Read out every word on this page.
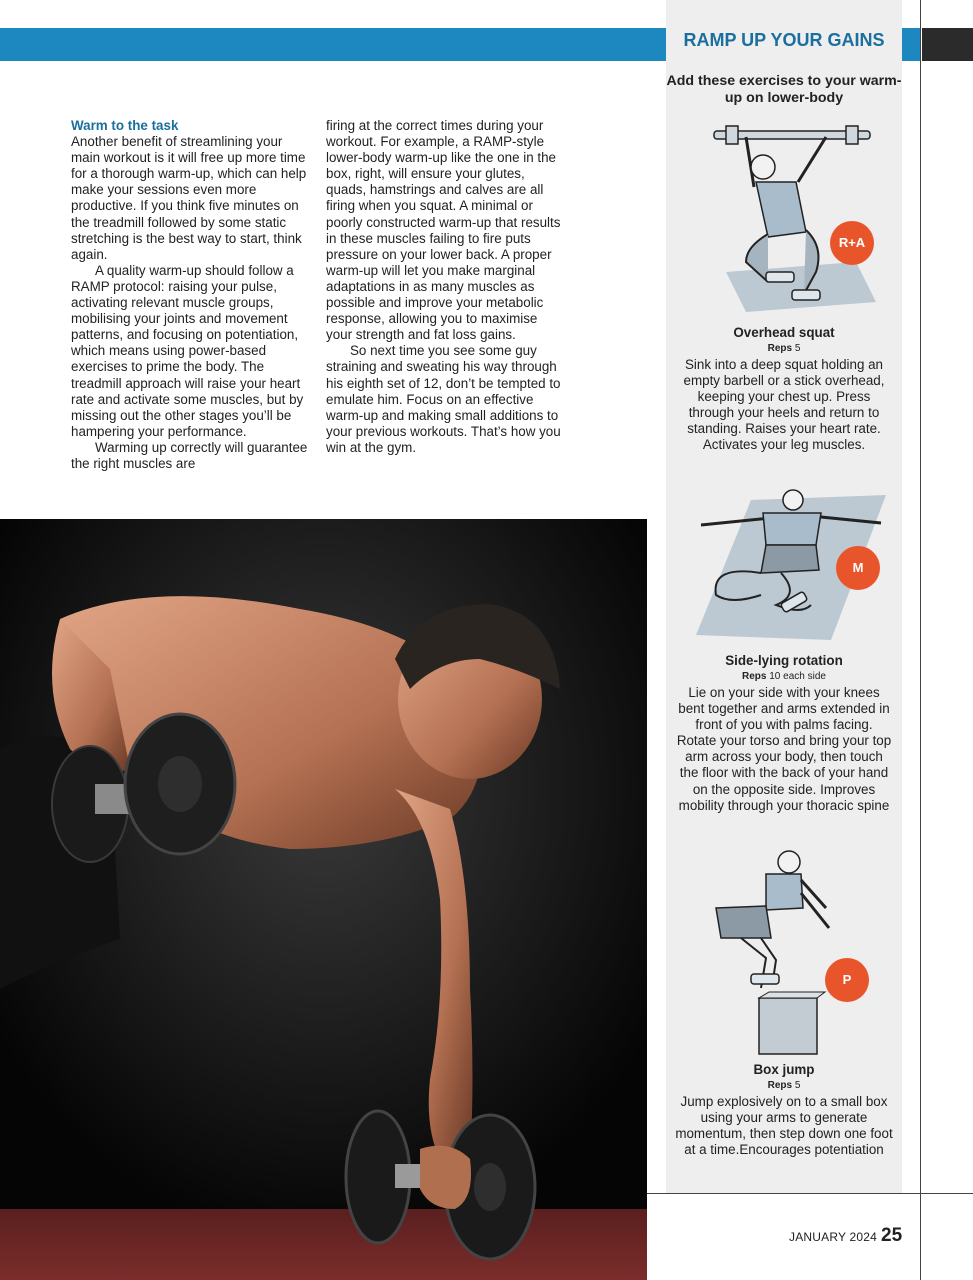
Warm to the task

Another benefit of streamlining your main workout is it will free up more time for a thorough warm-up, which can help make your sessions even more productive. If you think five minutes on the treadmill followed by some static stretching is the best way to start, think again.

A quality warm-up should follow a RAMP protocol: raising your pulse, activating relevant muscle groups, mobilising your joints and movement patterns, and focusing on potentiation, which means using power-based exercises to prime the body. The treadmill approach will raise your heart rate and activate some muscles, but by missing out the other stages you’ll be hampering your performance.

Warming up correctly will guarantee the right muscles are

firing at the correct times during your workout. For example, a RAMP-style lower-body warm-up like the one in the box, right, will ensure your glutes, quads, hamstrings and calves are all firing when you squat. A minimal or poorly constructed warm-up that results in these muscles failing to fire puts pressure on your lower back. A proper warm-up will let you make marginal adaptations in as many muscles as possible and improve your metabolic response, allowing you to maximise your strength and fat loss gains.

So next time you see some guy straining and sweating his way through his eighth set of 12, don’t be tempted to emulate him. Focus on an effective warm-up and making small additions to your previous workouts. That’s how you win at the gym.

RAMP UP YOUR GAINS
Add these exercises to your warm-up on lower-body
R+A
Overhead squat
Reps 5
Sink into a deep squat holding an empty barbell or a stick overhead, keeping your chest up. Press through your heels and return to standing. Raises your heart rate. Activates your leg muscles.
M
Side-lying rotation
Reps 10 each side
Lie on your side with your knees bent together and arms extended in front of you with palms facing. Rotate your torso and bring your top arm across your body, then touch the floor with the back of your hand on the opposite side. Improves mobility through your thoracic spine
P
Box jump
Reps 5
Jump explosively on to a small box using your arms to generate momentum, then step down one foot at a time.Encourages potentiation
JANUARY 2024 25
